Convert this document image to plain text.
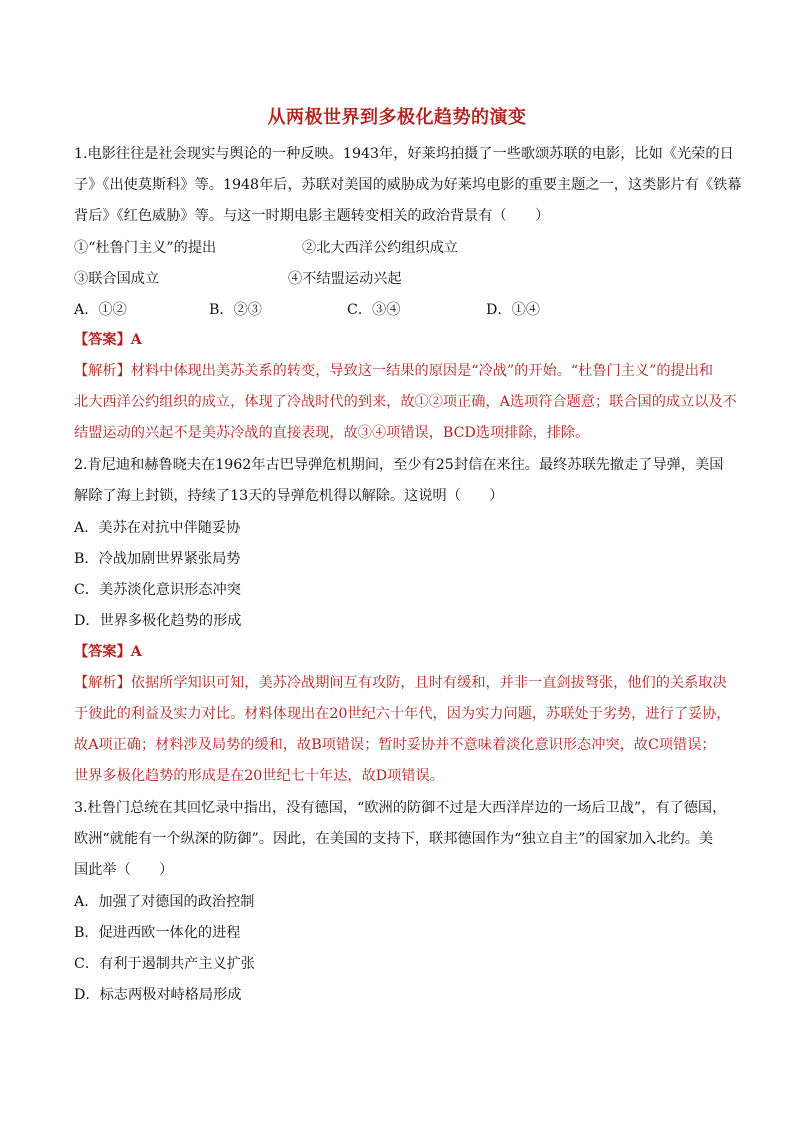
从两极世界到多极化趋势的演变
1.电影往往是社会现实与舆论的一种反映。1943年，好莱坞拍摄了一些歌颂苏联的电影，比如《光荣的日
子》《出使莫斯科》等。1948年后，苏联对美国的威胁成为好莱坞电影的重要主题之一，这类影片有《铁幕
背后》《红色威胁》等。与这一时期电影主题转变相关的政治背景有（　　）
①“杜鲁门主义”的提出	②北大西洋公约组织成立
③联合国成立	④不结盟运动兴起
A．①②	B．②③	C．③④	D．①④
【答案】A
【解析】材料中体现出美苏关系的转变，导致这一结果的原因是“冷战”的开始。“杜鲁门主义”的提出和
北大西洋公约组织的成立，体现了冷战时代的到来，故①②项正确，A选项符合题意；联合国的成立以及不
结盟运动的兴起不是美苏冷战的直接表现，故③④项错误，BCD选项排除，排除。
2.肯尼迪和赫鲁晓夫在1962年古巴导弹危机期间，至少有25封信在来往。最终苏联先撤走了导弹，美国
解除了海上封锁，持续了13天的导弹危机得以解除。这说明（　　）
A．美苏在对抗中伴随妥协
B．冷战加剧世界紧张局势
C．美苏淡化意识形态冲突
D．世界多极化趋势的形成
【答案】A
【解析】依据所学知识可知，美苏冷战期间互有攻防，且时有缓和，并非一直剑拔弩张，他们的关系取决
于彼此的利益及实力对比。材料体现出在20世纪六十年代，因为实力问题，苏联处于劣势，进行了妥协，
故A项正确；材料涉及局势的缓和，故B项错误；暂时妥协并不意味着淡化意识形态冲突，故C项错误；
世界多极化趋势的形成是在20世纪七十年达，故D项错误。
3.杜鲁门总统在其回忆录中指出，没有德国，“欧洲的防御不过是大西洋岸边的一场后卫战”，有了德国，
欧洲“就能有一个纵深的防御”。因此，在美国的支持下，联邦德国作为“独立自主”的国家加入北约。美
国此举（　　）
A．加强了对德国的政治控制
B．促进西欧一体化的进程
C．有利于遏制共产主义扩张
D．标志两极对峙格局形成
